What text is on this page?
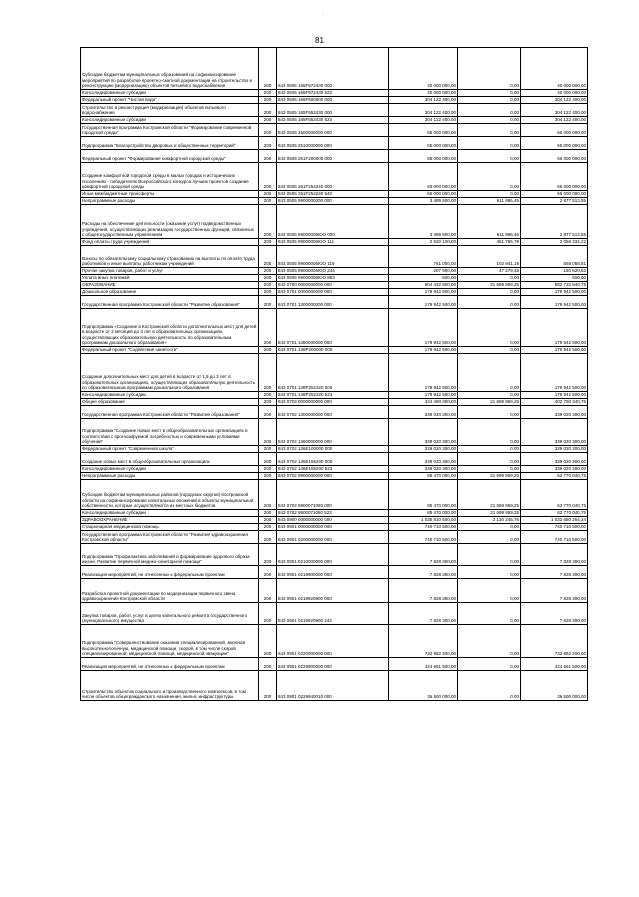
·
81
Субсидии бюджетам муниципальных образований на софинансирование мероприятий по разработке проектно-сметной документации на строительство и реконструкцию (модернизацию) объектов питьевого водоснабжения	200	843 0505 165F972430 000	40 000 000,00	0,00	40 000 000,00
Консолидированные субсидии	200	843 0505 165F972430 523	40 000 000,00	0,00	40 000 000,00
Федеральный проект "Чистая вода"	200	843 0505 165F500000 000	304 122 400,00	0,00	304 122 400,00
Строительство и реконструкция (модернизация) объектов питьевого водоснабжения	200	843 0505 165F552430 000	304 122 400,00	0,00	304 122 400,00
Консолидированные субсидии	200	843 0505 165F552430 523	304 122 400,00	0,00	304 122 400,00
Государственная программа Костромской области "Формирование современной городской среды"	200	843 0505 2500000000 000	65 000 000,00	0,00	65 000 000,00
Подпрограмма "Благоустройство дворовых и общественных территорий"	200	843 0505 2510000000 000	65 000 000,00	0,00	65 000 000,00
Федеральный проект "Формирование комфортной городской среды"	200	843 0505 251F200000 000	65 000 000,00	0,00	65 000 000,00
Создание комфортной городской среды в малых городах и исторических поселениях - победителях Всероссийского конкурса лучших проектов создания комфортной городской среды	200	843 0505 251F254240 000	65 000 000,00	0,00	65 000 000,00
Иные межбюджетные трансферты	200	843 0505 251F254240 540	65 000 000,00	0,00	65 000 000,00
Непрограммные расходы	200	843 0505 9900000000 000	3 489 500,00	611 986,45	2 877 513,55
Расходы на обеспечение деятельности (оказание услуг) подведомственных учреждений, осуществляющих реализацию государственных функций, связанных с общегосударственным управлением	200	843 0505 99000006ЮО 000	3 489 500,00	611 986,45	2 877 513,55
Фонд оплаты труда учреждений	200	843 0505 99000006ЮО 111	2 520 100,00	461 765,78	2 058 334,22
Взносы по обязательному социальному страхованию на выплаты по оплате труда работников и иные выплаты работникам учреждений	200	843 0505 99000006ЮО 119	761 000,00	102 941,19	658 058,81
Прочая закупка товаров, работ и услуг	200	843 0505 99000006ЮО 244	207 900,00	47 279,48	160 620,52
Уплата иных платежей	200	843 0505 99000006ЮО 853	500,00	0,00	500,00
ОБРАЗОВАНИЕ	200	843 0700 0000000000 000	604 432 800,00	21 699 959,25	582 732 840,75
Дошкольное образование	200	843 0701 0000000000 000	179 942 500,00	0,00	179 942 500,00
Государственная программа Костромской области "Развитие образования"	200	843 0701 1300000000 000	179 942 500,00	0,00	179 942 500,00
Подпрограмма «Создание в Костромской области дополнительных мест для детей в возрасте от 2 месяцев до 3 лет в образовательных организациях, осуществляющих образовательную деятельность по образовательным программам дошкольного образования»	200	843 0701 1380000000 000	179 942 500,00	0,00	179 942 500,00
Федеральный проект "Содействие занятости"	200	843 0701 138P200000 000	179 942 500,00	0,00	179 942 500,00
Создание дополнительных мест для детей в возрасте от 1,5 до 3 лет в образовательных организациях, осуществляющих образовательную деятельность по образовательным программам дошкольного образования	200	843 0701 138P252320 000	179 942 500,00	0,00	179 942 500,00
Консолидированные субсидии	200	843 0701 138P252320 523	179 942 500,00	0,00	179 942 500,00
Общее образование	200	843 0702 0000000000 000	424 490 300,00	21 699 959,25	402 790 340,75
Государственная программа Костромской области "Развитие образования"	200	843 0702 1300000000 000	339 020 300,00	0,00	339 020 300,00
Подпрограмма "Создание новых мест в общеобразовательных организациях в соответствии с прогнозируемой потребностью и современными условиями обучения"	200	843 0702 1360000000 000	339 020 300,00	0,00	339 020 300,00
Федеральный проект "Современная школа"	200	843 0702 136E100000 000	339 020 300,00	0,00	339 020 300,00
Создание новых мест в общеобразовательных организациях	200	843 0702 136E155200 000	339 020 300,00	0,00	339 020 300,00
Консолидированные субсидии	200	843 0702 136E155200 523	339 020 300,00	0,00	339 020 300,00
Непрограммные расходы	200	843 0702 9900000000 000	85 470 000,00	21 699 959,25	63 770 040,75
Субсидии бюджетам муниципальных районов (городских округов) Костромской области на софинансирование капитальных вложений в объекты муниципальной собственности, которые осуществляются из местных бюджетов	200	843 0702 9900071080 000	85 470 000,00	21 699 959,25	63 770 040,75
Консолидированные субсидии	200	843 0702 9900071080 523	85 470 000,00	21 699 959,25	63 770 040,75
ЗДРАВООХРАНЕНИЕ	200	843 0900 0000000000 000	1 035 810 500,00	2 130 245,76	1 033 680 254,24
Стационарная медицинская помощь	200	843 0901 0000000000 000	740 710 500,00	0,00	740 710 500,00
Государственная программа Костромской области "Развитие здравоохранения Костромской области"	200	843 0901 0200000000 000	740 710 500,00	0,00	740 710 500,00
Подпрограмма "Профилактика заболеваний и формирование здорового образа жизни. Развитие первичной медико-санитарной помощи"	200	843 0901 0210000000 000	7 828 300,00	0,00	7 828 300,00
Реализация мероприятий, не отнесенных к федеральным проектам	200	843 0901 0219900000 000	7 828 300,00	0,00	7 828 300,00
Разработка проектной документации по модернизации первичного звена здравоохранения Костромской области	200	843 0901 0219920900 000	7 828 300,00	0,00	7 828 300,00
Закупка товаров, работ, услуг в целях капитального ремонта государственного (муниципального) имущества	200	843 0901 0219920900 243	7 828 300,00	0,00	7 828 300,00
Подпрограмма "Совершенствование оказания специализированной, включая высокотехнологичную, медицинской помощи, скорой, в том числе скорой специализированной, медицинской помощи, медицинской эвакуации"	200	843 0901 0220000000 000	732 882 200,00	0,00	732 882 200,00
Реализация мероприятий, не отнесенных к федеральным проектам	200	843 0901 0229900000 000	424 661 500,00	0,00	424 661 500,00
Строительство объектов социального и производственного комплексов, в том числе объектов общегражданского назначения, жилья, инфраструктуры	200	843 0901 0229940010 000	36 500 000,00	0,00	36 500 000,00
